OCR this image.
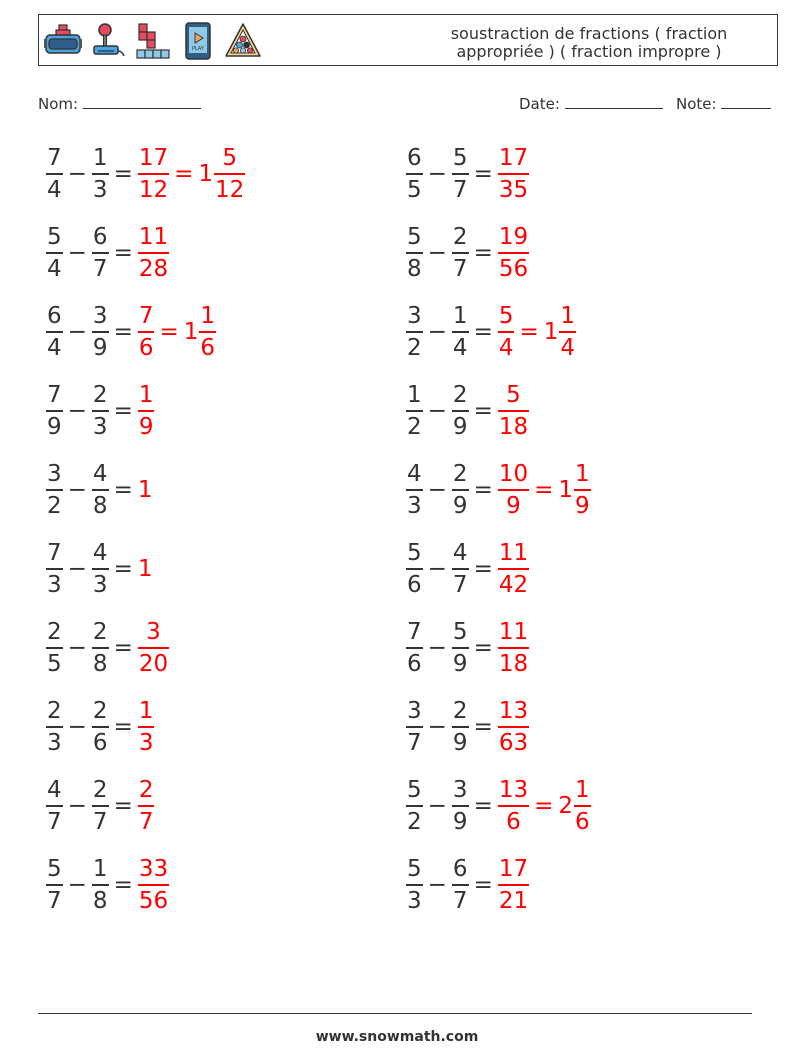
PLAY
soustraction de fractions ( fraction appropriée ) ( fraction impropre )
Nom:	Date:	Note:
$\frac{7}{4} - \frac{1}{3} = \frac{17}{12} = 1 \frac{5}{12}$	$\frac{6}{5} - \frac{5}{7} = \frac{17}{35}$
$\frac{5}{4} - \frac{6}{7} = \frac{11}{28}$	$\frac{5}{8} - \frac{2}{7} = \frac{19}{56}$
$\frac{6}{4} - \frac{3}{9} = \frac{7}{6} = 1 \frac{1}{6}$	$\frac{3}{2} - \frac{1}{4} = \frac{5}{4} = 1 \frac{1}{4}$
$\frac{7}{9} - \frac{2}{3} = \frac{1}{9}$	$\frac{1}{2} - \frac{2}{9} = \frac{5}{18}$
$\frac{3}{2} - \frac{4}{8} = 1$	$\frac{4}{3} - \frac{2}{9} = \frac{10}{9} = 1 \frac{1}{9}$
$\frac{7}{3} - \frac{4}{3} = 1$	$\frac{5}{6} - \frac{4}{7} = \frac{11}{42}$
$\frac{2}{5} - \frac{2}{8} = \frac{3}{20}$	$\frac{7}{6} - \frac{5}{9} = \frac{11}{18}$
$\frac{2}{3} - \frac{2}{6} = \frac{1}{3}$	$\frac{3}{7} - \frac{2}{9} = \frac{13}{63}$
$\frac{4}{7} - \frac{2}{7} = \frac{2}{7}$	$\frac{5}{2} - \frac{3}{9} = \frac{13}{6} = 2 \frac{1}{6}$
$\frac{5}{7} - \frac{1}{8} = \frac{33}{56}$	$\frac{5}{3} - \frac{6}{7} = \frac{17}{21}$
www.snowmath.com
